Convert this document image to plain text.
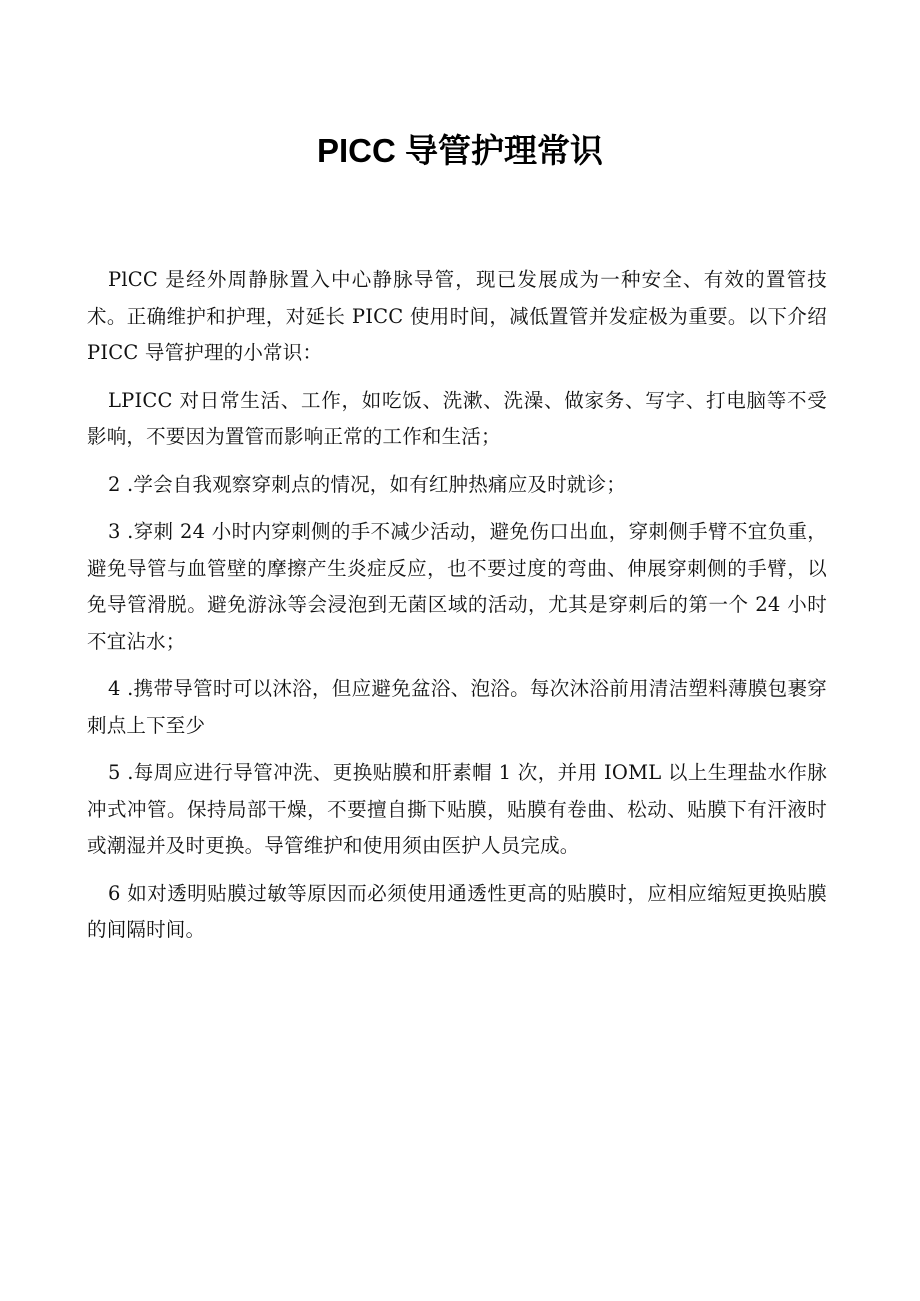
PICC 导管护理常识

PlCC 是经外周静脉置入中心静脉导管，现已发展成为一种安全、有效的置管技术。正确维护和护理，对延长 PICC 使用时间，减低置管并发症极为重要。以下介绍 PICC 导管护理的小常识：

LPICC 对日常生活、工作，如吃饭、洗漱、洗澡、做家务、写字、打电脑等不受影响，不要因为置管而影响正常的工作和生活；

2 .学会自我观察穿刺点的情况，如有红肿热痛应及时就诊；

3 .穿刺 24 小时内穿刺侧的手不减少活动，避免伤口出血，穿刺侧手臂不宜负重，避免导管与血管壁的摩擦产生炎症反应，也不要过度的弯曲、伸展穿刺侧的手臂，以免导管滑脱。避免游泳等会浸泡到无菌区域的活动，尤其是穿刺后的第一个 24 小时不宜沾水；

4 .携带导管时可以沐浴，但应避免盆浴、泡浴。每次沐浴前用清洁塑料薄膜包裹穿刺点上下至少

5 .每周应进行导管冲洗、更换贴膜和肝素帽 1 次，并用 IOML 以上生理盐水作脉冲式冲管。保持局部干燥，不要擅自撕下贴膜，贴膜有卷曲、松动、贴膜下有汗液时或潮湿并及时更换。导管维护和使用须由医护人员完成。

6 如对透明贴膜过敏等原因而必须使用通透性更高的贴膜时，应相应缩短更换贴膜的间隔时间。
